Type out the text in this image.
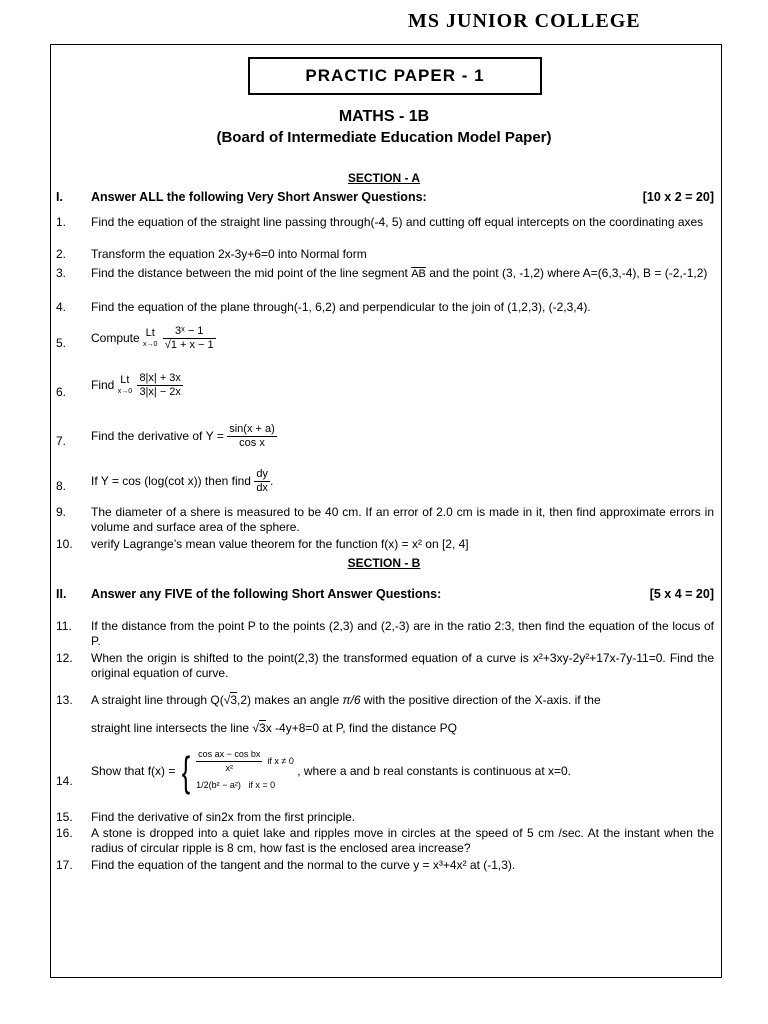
MS JUNIOR COLLEGE
PRACTIC PAPER - 1
MATHS - 1B
(Board of Intermediate Education Model Paper)
SECTION - A
I. Answer ALL the following Very Short Answer Questions:	[10 x 2 = 20]
1. Find the equation of the straight line passing through(-4, 5) and cutting off equal intercepts on the coordinating axes
2. Transform the equation 2x-3y+6=0 into Normal form
3. Find the distance between the mid point of the line segment $\overline{AB}$ and the point (3, -1,2) where A=(6,3,-4), B = (-2,-1,2)
4. Find the equation of the plane through(-1, 6,2) and perpendicular to the join of (1,2,3), (-2,3,4).
5. Compute Lt
x→0
$\frac{\text{3ˣ − 1}}{√1 + x - 1}$
6. Find Lt
x→0
$\frac{8|x| + 3x}{3|x| - 2x}$
7. Find the derivative of $Y = \frac{\sin(x + a)}{\text{cos x}}$
8. If Y = cos (log(cot x)) then find $\frac{dy}{dx}$ .
9. The diameter of a shere is measured to be 40 cm. If an error of 2.0 cm is made in it, then find approximate errors in volume and surface area of the sphere.
10. verify Lagrange’s mean value theorem for the function f(x) = x² on [2, 4]
SECTION - B
II. Answer any FIVE of the following Short Answer Questions:	[5 x 4 = 20]
11. If the distance from the point P to the points (2,3) and (2,-3) are in the ratio 2:3, then find the equation of the locus of P.
12. When the origin is shifted to the point(2,3) the transformed equation of a curve is x²+3xy-2y²+17x-7y-11=0. Find the original equation of curve.
13. A straight line through Q(√3,2) makes an angle π/6 with the positive direction of the X-axis. if the
straight line intersects the line √3x -4y+8=0 at P, find the distance PQ
14.
Show that f(x) = { $\frac{\text{cos ax − cos bx}}{\text{x²}}$ if x ≠ 0
1/2(b² − a²) if x = 0
, where a and b real constants is continuous at x=0.
15. Find the derivative of sin2x from the first principle.
16. A stone is dropped into a quiet lake and ripples move in circles at the speed of 5 cm /sec. At the instant when the radius of circular ripple is 8 cm, how fast is the enclosed area increase?
17. Find the equation of the tangent and the normal to the curve y = x³+4x² at (-1,3).
